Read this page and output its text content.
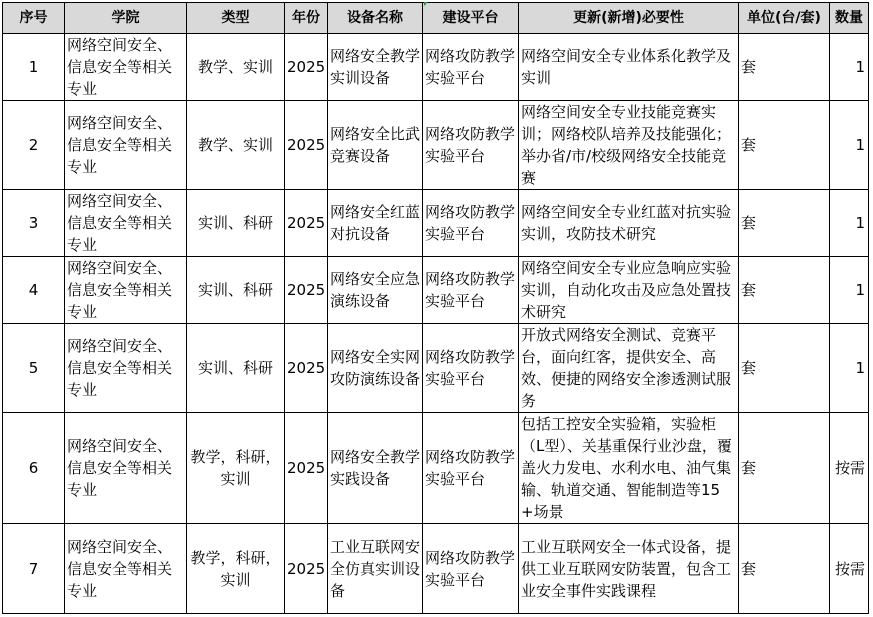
序号	学院	类型	年份	设备名称	建设平台	更新(新增)必要性	单位(台/套)	数量
1	网络空间安全、信息安全等相关专业	教学、实训	2025	网络安全教学实训设备	网络攻防教学实验平台	网络空间安全专业体系化教学及实训	套	1
2	网络空间安全、信息安全等相关专业	教学、实训	2025	网络安全比武竞赛设备	网络攻防教学实验平台	网络空间安全专业技能竞赛实训；网络校队培养及技能强化；举办省/市/校级网络安全技能竞赛	套	1
3	网络空间安全、信息安全等相关专业	实训、科研	2025	网络安全红蓝对抗设备	网络攻防教学实验平台	网络空间安全专业红蓝对抗实验实训，攻防技术研究	套	1
4	网络空间安全、信息安全等相关专业	实训、科研	2025	网络安全应急演练设备	网络攻防教学实验平台	网络空间安全专业应急响应实验实训，自动化攻击及应急处置技术研究	套	1
5	网络空间安全、信息安全等相关专业	实训、科研	2025	网络安全实网攻防演练设备	网络攻防教学实验平台	开放式网络安全测试、竞赛平台，面向红客，提供安全、高效、便捷的网络安全渗透测试服务	套	1
6	网络空间安全、信息安全等相关专业	教学，科研，实训	2025	网络安全教学实践设备	网络攻防教学实验平台	包括工控安全实验箱，实验柜（L型）、关基重保行业沙盘，覆盖火力发电、水利水电、油气集输、轨道交通、智能制造等15+场景	套	按需
7	网络空间安全、信息安全等相关专业	教学，科研，实训	2025	工业互联网安全仿真实训设备	网络攻防教学实验平台	工业互联网安全一体式设备，提供工业互联网安防装置，包含工业安全事件实践课程	套	按需
